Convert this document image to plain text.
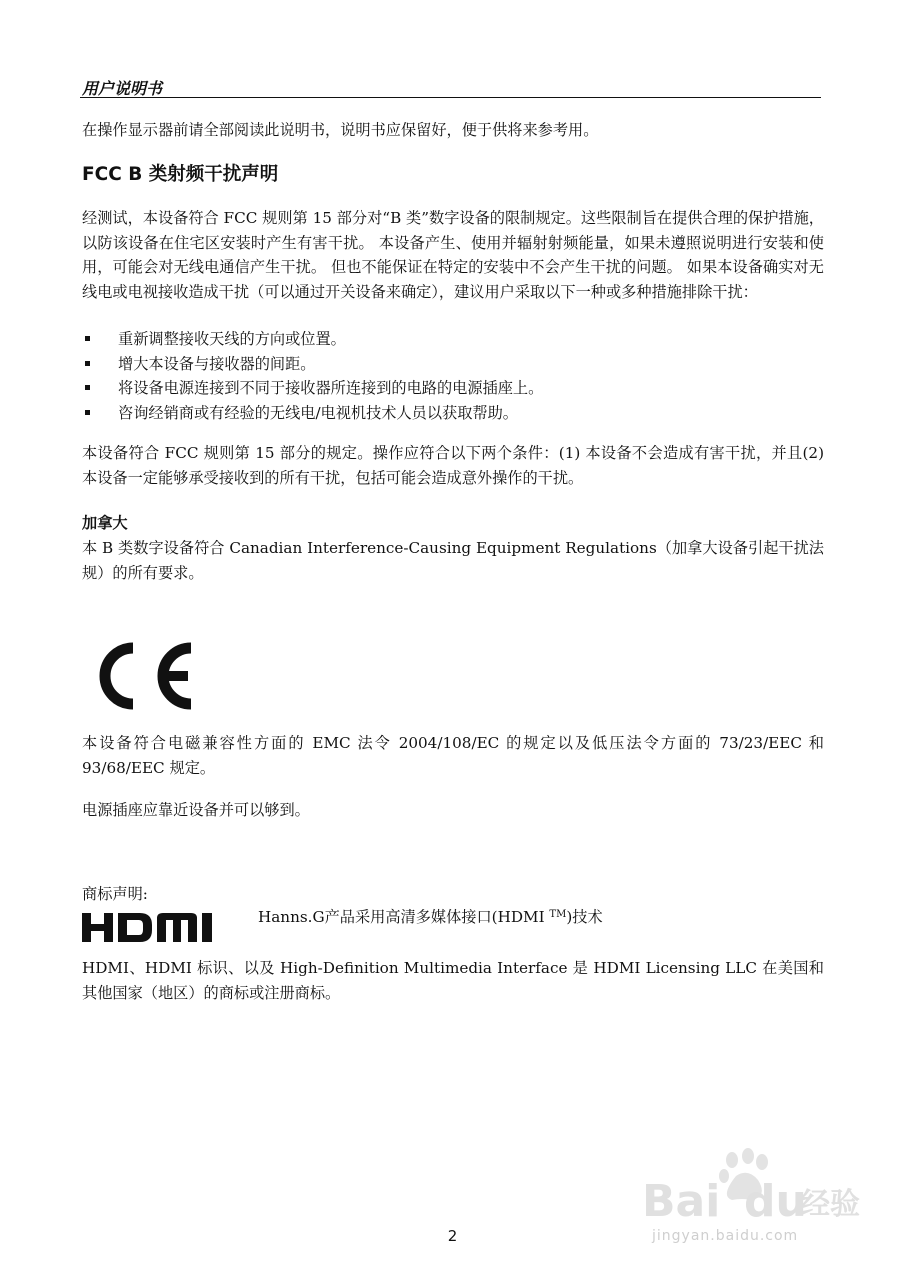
用户说明书
在操作显示器前请全部阅读此说明书，说明书应保留好，便于供将来参考用。
FCC B 类射频干扰声明
经测试，本设备符合 FCC 规则第 15 部分对“B 类”数字设备的限制规定。这些限制旨在提供合理的保护措施，以防该设备在住宅区安装时产生有害干扰。 本设备产生、使用并辐射射频能量，如果未遵照说明进行安装和使用，可能会对无线电通信产生干扰。 但也不能保证在特定的安装中不会产生干扰的问题。 如果本设备确实对无线电或电视接收造成干扰（可以通过开关设备来确定），建议用户采取以下一种或多种措施排除干扰：
重新调整接收天线的方向或位置。
增大本设备与接收器的间距。
将设备电源连接到不同于接收器所连接到的电路的电源插座上。
咨询经销商或有经验的无线电/电视机技术人员以获取帮助。
本设备符合 FCC 规则第 15 部分的规定。操作应符合以下两个条件：(1) 本设备不会造成有害干扰，并且(2) 本设备一定能够承受接收到的所有干扰，包括可能会造成意外操作的干扰。
加拿大
本 B 类数字设备符合 Canadian Interference-Causing Equipment Regulations（加拿大设备引起干扰法规）的所有要求。
本设备符合电磁兼容性方面的 EMC 法令 2004/108/EC 的规定以及低压法令方面的 73/23/EEC 和 93/68/EEC 规定。
电源插座应靠近设备并可以够到。
商标声明:
Hanns.G产品采用高清多媒体接口(HDMI ™)技术
HDMI、HDMI 标识、以及 High-Definition Multimedia Interface 是 HDMI Licensing LLC 在美国和其他国家（地区）的商标或注册商标。
2
Bai du
经验
jingyan.baidu.com
